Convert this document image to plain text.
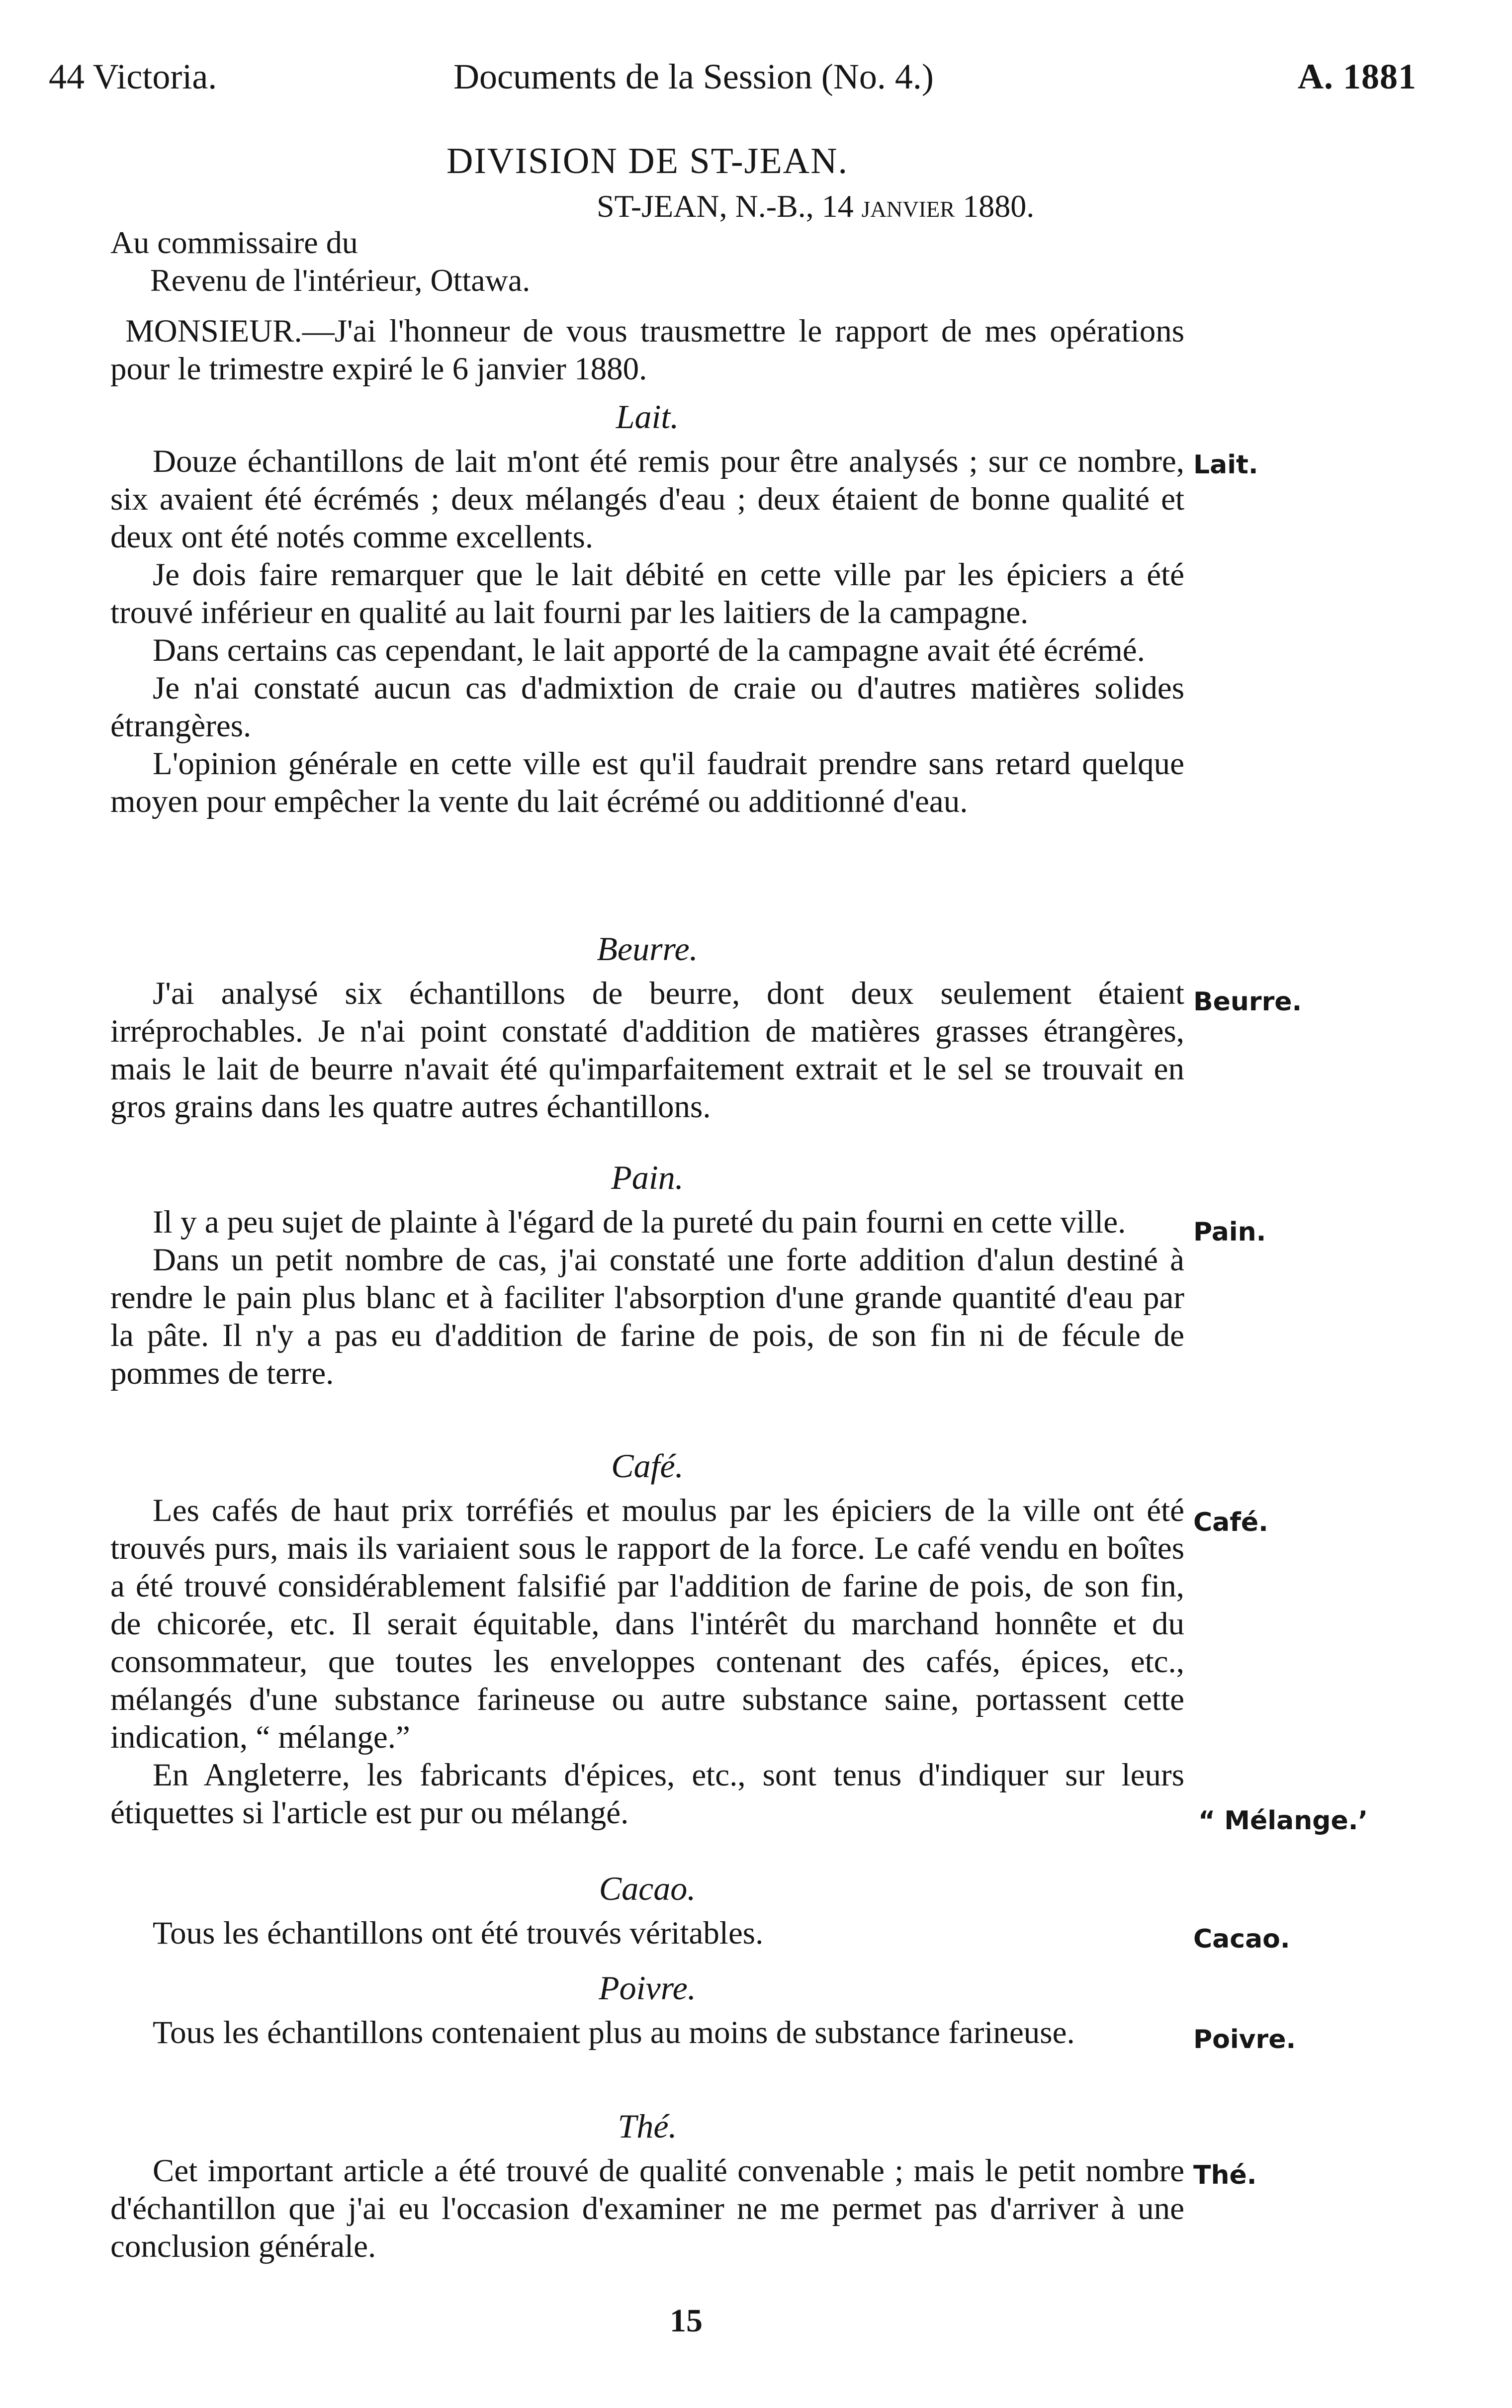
44 Victoria.	Documents de la Session (No. 4.)	A. 1881
DIVISION DE ST-JEAN.
ST-JEAN, N.-B., 14 janvier 1880.
Au commissaire du
Revenu de l'intérieur, Ottawa.

MONSIEUR.—J'ai l'honneur de vous trausmettre le rapport de mes opérations pour le trimestre expiré le 6 janvier 1880.

Lait.

Douze échantillons de lait m'ont été remis pour être analysés ; sur ce nombre, six avaient été écrémés ; deux mélangés d'eau ; deux étaient de bonne qualité et deux ont été notés comme excellents.

Je dois faire remarquer que le lait débité en cette ville par les épiciers a été trouvé inférieur en qualité au lait fourni par les laitiers de la campagne.

Dans certains cas cependant, le lait apporté de la campagne avait été écrémé.

Je n'ai constaté aucun cas d'admixtion de craie ou d'autres matières solides étrangères.

L'opinion générale en cette ville est qu'il faudrait prendre sans retard quelque moyen pour empêcher la vente du lait écrémé ou additionné d'eau.

Lait.

Beurre.

J'ai analysé six échantillons de beurre, dont deux seulement étaient irréprochables. Je n'ai point constaté d'addition de matières grasses étrangères, mais le lait de beurre n'avait été qu'imparfaitement extrait et le sel se trouvait en gros grains dans les quatre autres échantillons.

Beurre.

Pain.

Il y a peu sujet de plainte à l'égard de la pureté du pain fourni en cette ville.

Dans un petit nombre de cas, j'ai constaté une forte addition d'alun destiné à rendre le pain plus blanc et à faciliter l'absorption d'une grande quantité d'eau par la pâte. Il n'y a pas eu d'addition de farine de pois, de son fin ni de fécule de pommes de terre.

Pain.

Café.

Les cafés de haut prix torréfiés et moulus par les épiciers de la ville ont été trouvés purs, mais ils variaient sous le rapport de la force. Le café vendu en boîtes a été trouvé considérablement falsifié par l'addition de farine de pois, de son fin, de chicorée, etc. Il serait équitable, dans l'intérêt du marchand honnête et du consommateur, que toutes les enveloppes contenant des cafés, épices, etc., mélangés d'une substance farineuse ou autre substance saine, portassent cette indication, “ mélange.”

En Angleterre, les fabricants d'épices, etc., sont tenus d'indiquer sur leurs étiquettes si l'article est pur ou mélangé.

Café.
“ Mélange.’

Cacao.

Tous les échantillons ont été trouvés véritables.	Cacao.

Poivre.

Tous les échantillons contenaient plus au moins de substance farineuse.	Poivre.

Thé.

Cet important article a été trouvé de qualité convenable ; mais le petit nombre d'échantillon que j'ai eu l'occasion d'examiner ne me permet pas d'arriver à une conclusion générale.

Thé.
15
